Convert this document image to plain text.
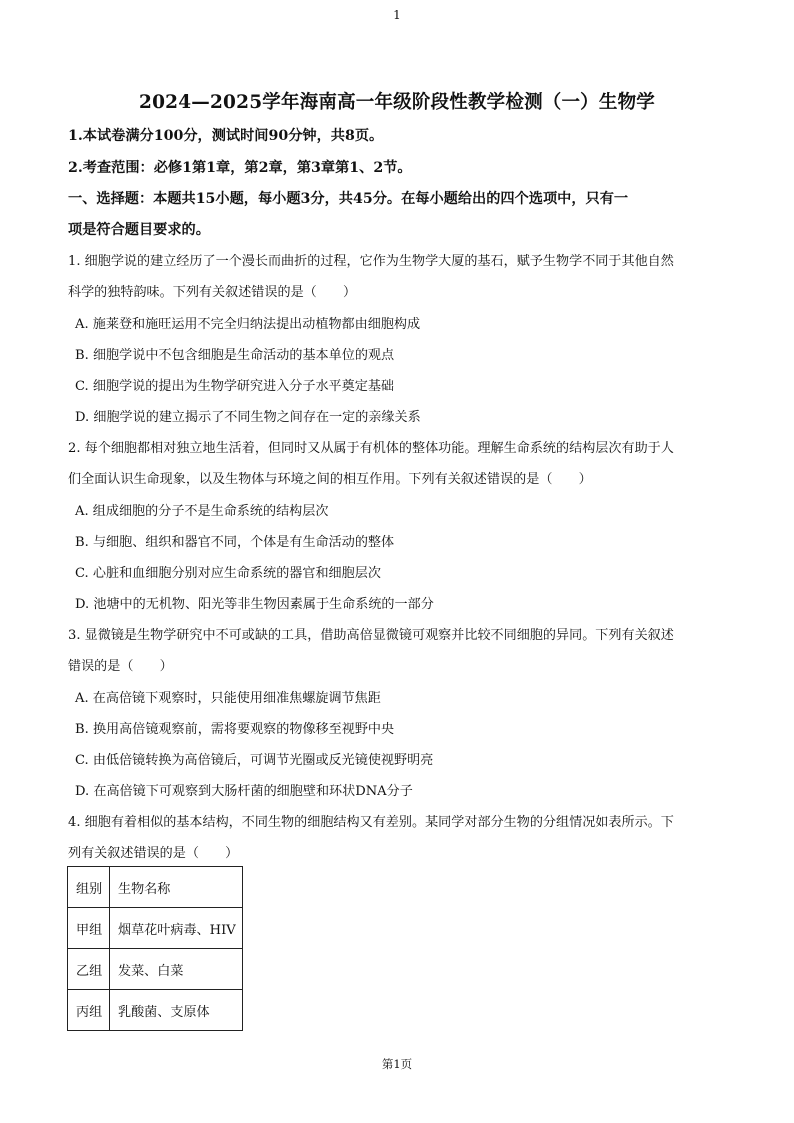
1
2024—2025学年海南高一年级阶段性教学检测（一）生物学

1.本试卷满分100分，测试时间90分钟，共8页。

2.考查范围：必修1第1章，第2章，第3章第1、2节。

一、选择题：本题共15小题，每小题3分，共45分。在每小题给出的四个选项中，只有一

项是符合题目要求的。

1. 细胞学说的建立经历了一个漫长而曲折的过程，它作为生物学大厦的基石，赋予生物学不同于其他自然

科学的独特韵味。下列有关叙述错误的是（　　）

A. 施莱登和施旺运用不完全归纳法提出动植物都由细胞构成

B. 细胞学说中不包含细胞是生命活动的基本单位的观点

C. 细胞学说的提出为生物学研究进入分子水平奠定基础

D. 细胞学说的建立揭示了不同生物之间存在一定的亲缘关系

2. 每个细胞都相对独立地生活着，但同时又从属于有机体的整体功能。理解生命系统的结构层次有助于人

们全面认识生命现象，以及生物体与环境之间的相互作用。下列有关叙述错误的是（　　）

A. 组成细胞的分子不是生命系统的结构层次

B. 与细胞、组织和器官不同，个体是有生命活动的整体

C. 心脏和血细胞分别对应生命系统的器官和细胞层次

D. 池塘中的无机物、阳光等非生物因素属于生命系统的一部分

3. 显微镜是生物学研究中不可或缺的工具，借助高倍显微镜可观察并比较不同细胞的异同。下列有关叙述

错误的是（　　）

A. 在高倍镜下观察时，只能使用细准焦螺旋调节焦距

B. 换用高倍镜观察前，需将要观察的物像移至视野中央

C. 由低倍镜转换为高倍镜后，可调节光圈或反光镜使视野明亮

D. 在高倍镜下可观察到大肠杆菌的细胞壁和环状DNA分子

4. 细胞有着相似的基本结构，不同生物的细胞结构又有差别。某同学对部分生物的分组情况如表所示。下

列有关叙述错误的是（　　）

组别	生物名称
甲组	烟草花叶病毒、HIV
乙组	发菜、白菜
丙组	乳酸菌、支原体
第1页
